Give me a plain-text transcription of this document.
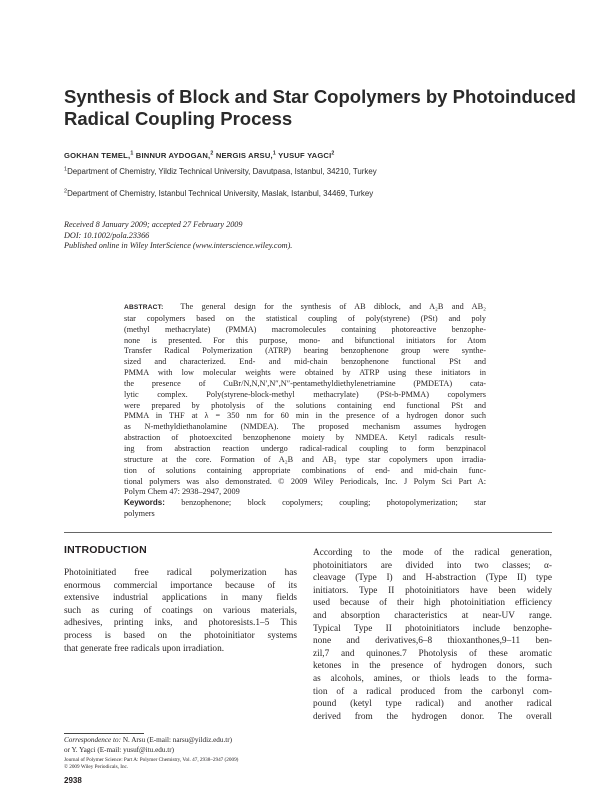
Synthesis of Block and Star Copolymers by Photoinduced
Radical Coupling Process
GOKHAN TEMEL,$^1$ BINNUR AYDOGAN,$^2$ NERGIS ARSU,$^1$ YUSUF YAGCI$^2$
$^1$Department of Chemistry, Yildiz Technical University, Davutpasa, Istanbul, 34210, Turkey
$^2$Department of Chemistry, Istanbul Technical University, Maslak, Istanbul, 34469, Turkey
Received 8 January 2009; accepted 27 February 2009
DOI: 10.1002/pola.23366
Published online in Wiley InterScience (www.interscience.wiley.com).
ABSTRACT: The general design for the synthesis of AB diblock, and A₂B and AB₂
star copolymers based on the statistical coupling of poly(styrene) (PSt) and poly
(methyl methacrylate) (PMMA) macromolecules containing photoreactive benzophe-
none is presented. For this purpose, mono- and bifunctional initiators for Atom
Transfer Radical Polymerization (ATRP) bearing benzophenone group were synthe-
sized and characterized. End- and mid-chain benzophenone functional PSt and
PMMA with low molecular weights were obtained by ATRP using these initiators in
the presence of CuBr/N,N,N′,N″,N″-pentamethyldiethylenetriamine (PMDETA) cata-
lytic complex. Poly(styrene-block-methyl methacrylate) (PSt-b-PMMA) copolymers
were prepared by photolysis of the solutions containing end functional PSt and
PMMA in THF at λ = 350 nm for 60 min in the presence of a hydrogen donor such
as N-methyldiethanolamine (NMDEA). The proposed mechanism assumes hydrogen
abstraction of photoexcited benzophenone moiety by NMDEA. Ketyl radicals result-
ing from abstraction reaction undergo radical-radical coupling to form benzpinacol
structure at the core. Formation of A₂B and AB₂ type star copolymers upon irradia-
tion of solutions containing appropriate combinations of end- and mid-chain func-
tional polymers was also demonstrated. © 2009 Wiley Periodicals, Inc. J Polym Sci Part A:
Polym Chem 47: 2938–2947, 2009
Keywords: benzophenone; block copolymers; coupling; photopolymerization; star
polymers
INTRODUCTION
Photoinitiated free radical polymerization has
enormous commercial importance because of its
extensive industrial applications in many fields
such as curing of coatings on various materials,
adhesives, printing inks, and photoresists.1–5 This
process is based on the photoinitiator systems
that generate free radicals upon irradiation.
According to the mode of the radical generation,
photoinitiators are divided into two classes; α-
cleavage (Type I) and H-abstraction (Type II) type
initiators. Type II photoinitiators have been widely
used because of their high photoinitiation efficiency
and absorption characteristics at near-UV range.
Typical Type II photoinitiators include benzophe-
none and derivatives,6–8 thioxanthones,9–11 ben-
zil,7 and quinones.7 Photolysis of these aromatic
ketones in the presence of hydrogen donors, such
as alcohols, amines, or thiols leads to the forma-
tion of a radical produced from the carbonyl com-
pound (ketyl type radical) and another radical
derived from the hydrogen donor. The overall
Correspondence to: N. Arsu (E-mail: narsu@yildiz.edu.tr)
or Y. Yagci (E-mail: yusuf@itu.edu.tr)
Journal of Polymer Science: Part A: Polymer Chemistry, Vol. 47, 2938–2947 (2009)
© 2009 Wiley Periodicals, Inc.
2938
